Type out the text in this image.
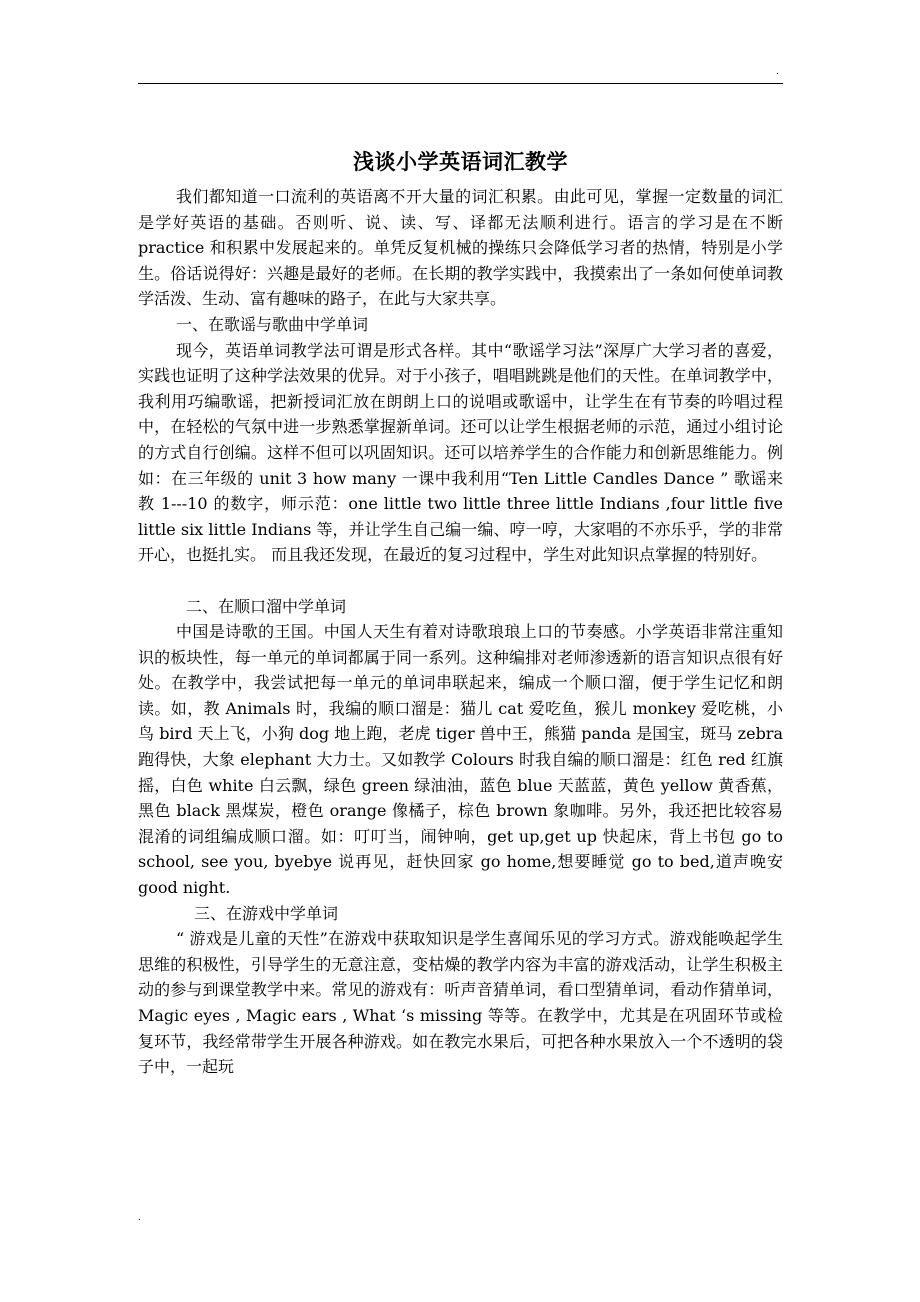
.
浅谈小学英语词汇教学

我们都知道一口流利的英语离不开大量的词汇积累。由此可见，掌握一定数量的词汇是学好英语的基础。否则听、说、读、写、译都无法顺利进行。语言的学习是在不断 practice 和积累中发展起来的。单凭反复机械的操练只会降低学习者的热情，特别是小学生。俗话说得好：兴趣是最好的老师。在长期的教学实践中，我摸索出了一条如何使单词教学活泼、生动、富有趣味的路子，在此与大家共享。

一、在歌谣与歌曲中学单词

现今，英语单词教学法可谓是形式各样。其中“歌谣学习法”深厚广大学习者的喜爱，实践也证明了这种学法效果的优异。对于小孩子，唱唱跳跳是他们的天性。在单词教学中，我利用巧编歌谣，把新授词汇放在朗朗上口的说唱或歌谣中，让学生在有节奏的吟唱过程中，在轻松的气氛中进一步熟悉掌握新单词。还可以让学生根据老师的示范，通过小组讨论的方式自行创编。这样不但可以巩固知识。还可以培养学生的合作能力和创新思维能力。例如：在三年级的 unit 3 how many 一课中我利用“Ten Little Candles Dance ” 歌谣来教 1---10 的数字，师示范：one little two little three little Indians ,four little five little six little Indians 等，并让学生自己编一编、哼一哼，大家唱的不亦乐乎，学的非常开心，也挺扎实。 而且我还发现，在最近的复习过程中，学生对此知识点掌握的特别好。

二、在顺口溜中学单词

中国是诗歌的王国。中国人天生有着对诗歌琅琅上口的节奏感。小学英语非常注重知识的板块性，每一单元的单词都属于同一系列。这种编排对老师渗透新的语言知识点很有好处。在教学中，我尝试把每一单元的单词串联起来，编成一个顺口溜，便于学生记忆和朗读。如，教 Animals 时，我编的顺口溜是：猫儿 cat 爱吃鱼，猴儿 monkey 爱吃桃，小鸟 bird 天上飞，小狗 dog 地上跑，老虎 tiger 兽中王，熊猫 panda 是国宝，斑马 zebra 跑得快，大象 elephant 大力士。又如教学 Colours 时我自编的顺口溜是：红色 red 红旗摇，白色 white 白云飘，绿色 green 绿油油，蓝色 blue 天蓝蓝，黄色 yellow 黄香蕉，黑色 black 黑煤炭，橙色 orange 像橘子，棕色 brown 象咖啡。另外，我还把比较容易混淆的词组编成顺口溜。如：叮叮当，闹钟响，get up,get up 快起床，背上书包 go to school, see you, byebye 说再见，赶快回家 go home,想要睡觉 go to bed,道声晚安 good night.

三、在游戏中学单词

“ 游戏是儿童的天性”在游戏中获取知识是学生喜闻乐见的学习方式。游戏能唤起学生思维的积极性，引导学生的无意注意，变枯燥的教学内容为丰富的游戏活动，让学生积极主动的参与到课堂教学中来。常见的游戏有：听声音猜单词，看口型猜单词，看动作猜单词，Magic eyes , Magic ears , What ‘s missing 等等。在教学中，尤其是在巩固环节或检复环节，我经常带学生开展各种游戏。如在教完水果后，可把各种水果放入一个不透明的袋子中，一起玩

.
